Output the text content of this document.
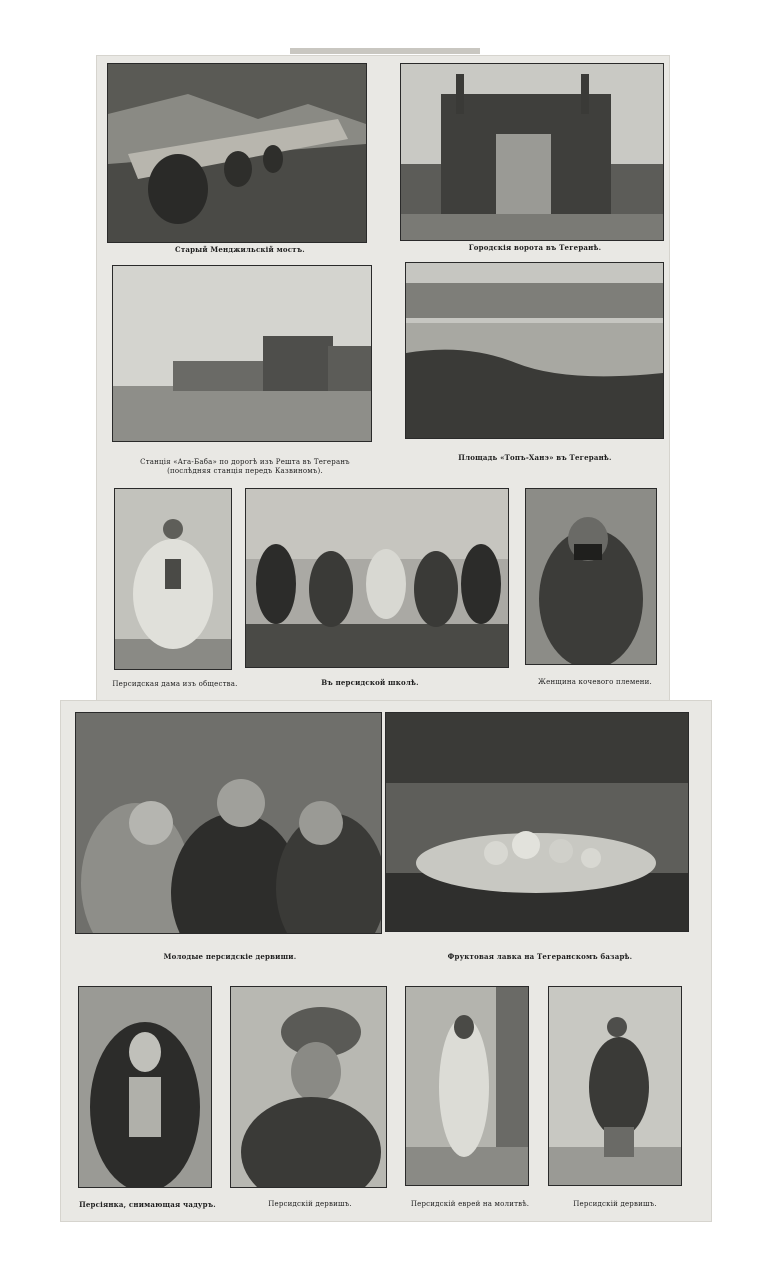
Старый Менджильскій мостъ.	Городскія ворота въ Тегеранѣ.
Станція «Ага-Баба» по дорогѣ изъ Решта въ Тегеранъ (послѣдняя станція передъ Казвиномъ).
Площадь «Топъ-Ханэ» въ Тегеранѣ.
Персидская дама изъ общества.	Въ персидской школѣ.	Женщина кочевого племени.
Молодые персидскіе дервиши.	Фруктовая лавка на Тегеранскомъ базарѣ.
Персіянка, снимающая чадуръ.	Персидскій дервишъ.	Персидскій еврей на молитвѣ.	Персидскій дервишъ.
